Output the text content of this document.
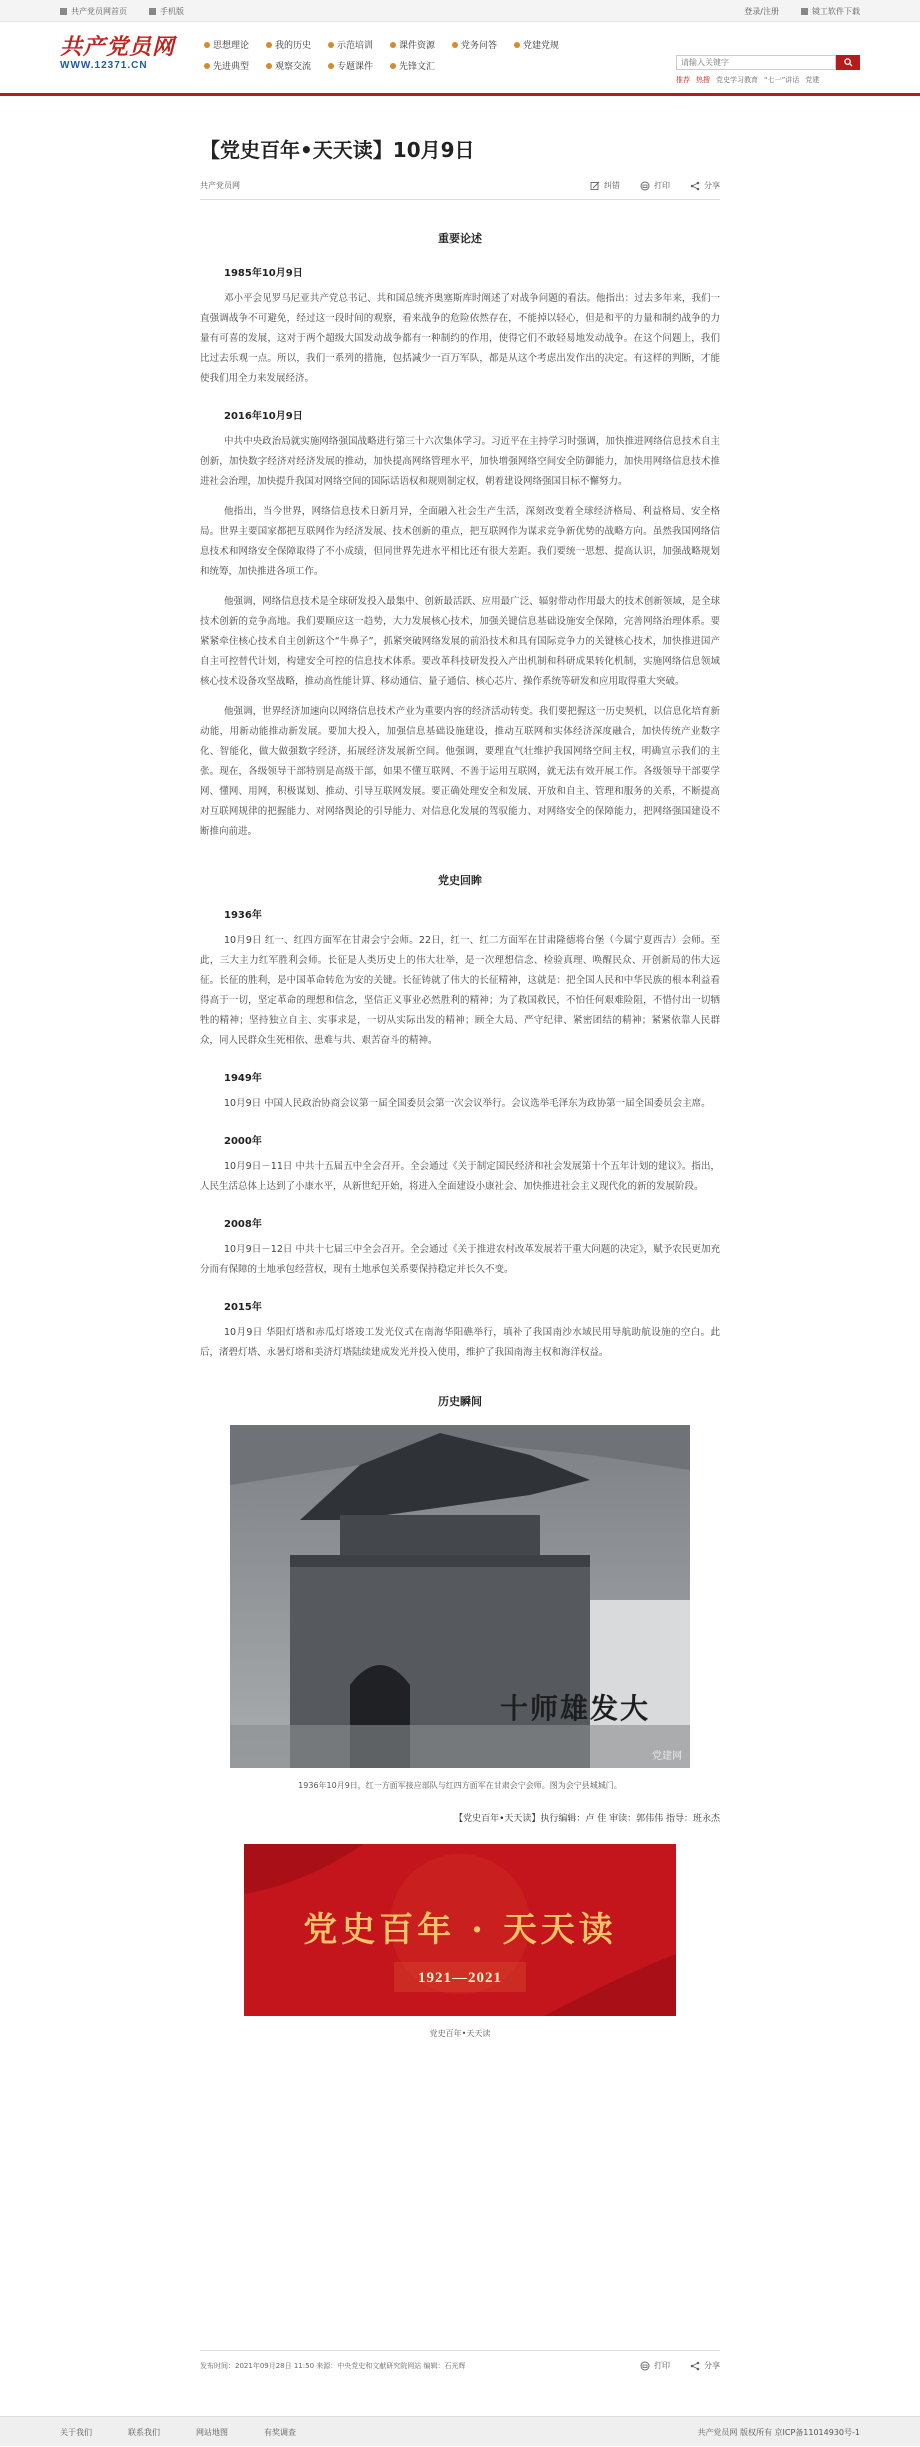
共产党员网首页	手机版	登录/注册	镜工软件下载
共产党员网
WWW.12371.CN
思想理论	我的历史	示范培训	课件资源	党务问答	党建党规
先进典型	观察交流	专题课件	先锋文汇
请输入关键字
推荐 热搜 党史学习教育 “七一”讲话 党建
【党史百年•天天读】10月9日
共产党员网	纠错	打印	分享
重要论述
1985年10月9日

邓小平会见罗马尼亚共产党总书记、共和国总统齐奥塞斯库时阐述了对战争问题的看法。他指出：过去多年来，我们一直强调战争不可避免，经过这一段时间的观察，看来战争的危险依然存在，不能掉以轻心，但是和平的力量和制约战争的力量有可喜的发展，这对于两个超级大国发动战争都有一种制约的作用，使得它们不敢轻易地发动战争。在这个问题上，我们比过去乐观一点。所以，我们一系列的措施，包括减少一百万军队，都是从这个考虑出发作出的决定。有这样的判断，才能使我们用全力来发展经济。

2016年10月9日

中共中央政治局就实施网络强国战略进行第三十六次集体学习。习近平在主持学习时强调，加快推进网络信息技术自主创新，加快数字经济对经济发展的推动，加快提高网络管理水平，加快增强网络空间安全防御能力，加快用网络信息技术推进社会治理，加快提升我国对网络空间的国际话语权和规则制定权，朝着建设网络强国目标不懈努力。

他指出，当今世界，网络信息技术日新月异，全面融入社会生产生活，深刻改变着全球经济格局、利益格局、安全格局。世界主要国家都把互联网作为经济发展、技术创新的重点，把互联网作为谋求竞争新优势的战略方向。虽然我国网络信息技术和网络安全保障取得了不小成绩，但同世界先进水平相比还有很大差距。我们要统一思想、提高认识，加强战略规划和统筹，加快推进各项工作。

他强调，网络信息技术是全球研发投入最集中、创新最活跃、应用最广泛、辐射带动作用最大的技术创新领域，是全球技术创新的竞争高地。我们要顺应这一趋势，大力发展核心技术，加强关键信息基础设施安全保障，完善网络治理体系。要紧紧牵住核心技术自主创新这个“牛鼻子”，抓紧突破网络发展的前沿技术和具有国际竞争力的关键核心技术，加快推进国产自主可控替代计划，构建安全可控的信息技术体系。要改革科技研发投入产出机制和科研成果转化机制，实施网络信息领域核心技术设备攻坚战略，推动高性能计算、移动通信、量子通信、核心芯片、操作系统等研发和应用取得重大突破。

他强调，世界经济加速向以网络信息技术产业为重要内容的经济活动转变。我们要把握这一历史契机，以信息化培育新动能，用新动能推动新发展。要加大投入，加强信息基础设施建设，推动互联网和实体经济深度融合，加快传统产业数字化、智能化，做大做强数字经济，拓展经济发展新空间。他强调，要理直气壮维护我国网络空间主权，明确宣示我们的主张。现在，各级领导干部特别是高级干部，如果不懂互联网、不善于运用互联网，就无法有效开展工作。各级领导干部要学网、懂网、用网，积极谋划、推动、引导互联网发展。要正确处理安全和发展、开放和自主、管理和服务的关系，不断提高对互联网规律的把握能力、对网络舆论的引导能力、对信息化发展的驾驭能力、对网络安全的保障能力，把网络强国建设不断推向前进。

党史回眸
1936年

10月9日 红一、红四方面军在甘肃会宁会师。22日，红一、红二方面军在甘肃隆德将台堡（今属宁夏西吉）会师。至此，三大主力红军胜利会师。长征是人类历史上的伟大壮举，是一次理想信念、检验真理、唤醒民众、开创新局的伟大远征。长征的胜利，是中国革命转危为安的关键。长征铸就了伟大的长征精神，这就是：把全国人民和中华民族的根本利益看得高于一切，坚定革命的理想和信念，坚信正义事业必然胜利的精神；为了救国救民，不怕任何艰难险阻，不惜付出一切牺牲的精神；坚持独立自主、实事求是，一切从实际出发的精神；顾全大局、严守纪律、紧密团结的精神；紧紧依靠人民群众，同人民群众生死相依、患难与共、艰苦奋斗的精神。

1949年

10月9日 中国人民政治协商会议第一届全国委员会第一次会议举行。会议选举毛泽东为政协第一届全国委员会主席。

2000年

10月9日－11日 中共十五届五中全会召开。全会通过《关于制定国民经济和社会发展第十个五年计划的建议》。指出，人民生活总体上达到了小康水平，从新世纪开始，将进入全面建设小康社会、加快推进社会主义现代化的新的发展阶段。

2008年

10月9日－12日 中共十七届三中全会召开。全会通过《关于推进农村改革发展若干重大问题的决定》，赋予农民更加充分而有保障的土地承包经营权，现有土地承包关系要保持稳定并长久不变。

2015年

10月9日 华阳灯塔和赤瓜灯塔竣工发光仪式在南海华阳礁举行，填补了我国南沙水域民用导航助航设施的空白。此后，渚碧灯塔、永暑灯塔和美济灯塔陆续建成发光并投入使用，维护了我国南海主权和海洋权益。

历史瞬间
十师雄发大
党建网
1936年10月9日，红一方面军接应部队与红四方面军在甘肃会宁会师。图为会宁县城城门。
【党史百年•天天读】执行编辑：卢 佳 审读：郭伟伟 指导：班永杰
党史百年 · 天天读
1921—2021
党史百年•天天读
发布时间：2021年09月28日 11:50 来源：中央党史和文献研究院网站 编辑：石光辉	打印	分享
关于我们	联系我们	网站地图	有奖调查	共产党员网 版权所有 京ICP备11014930号-1
